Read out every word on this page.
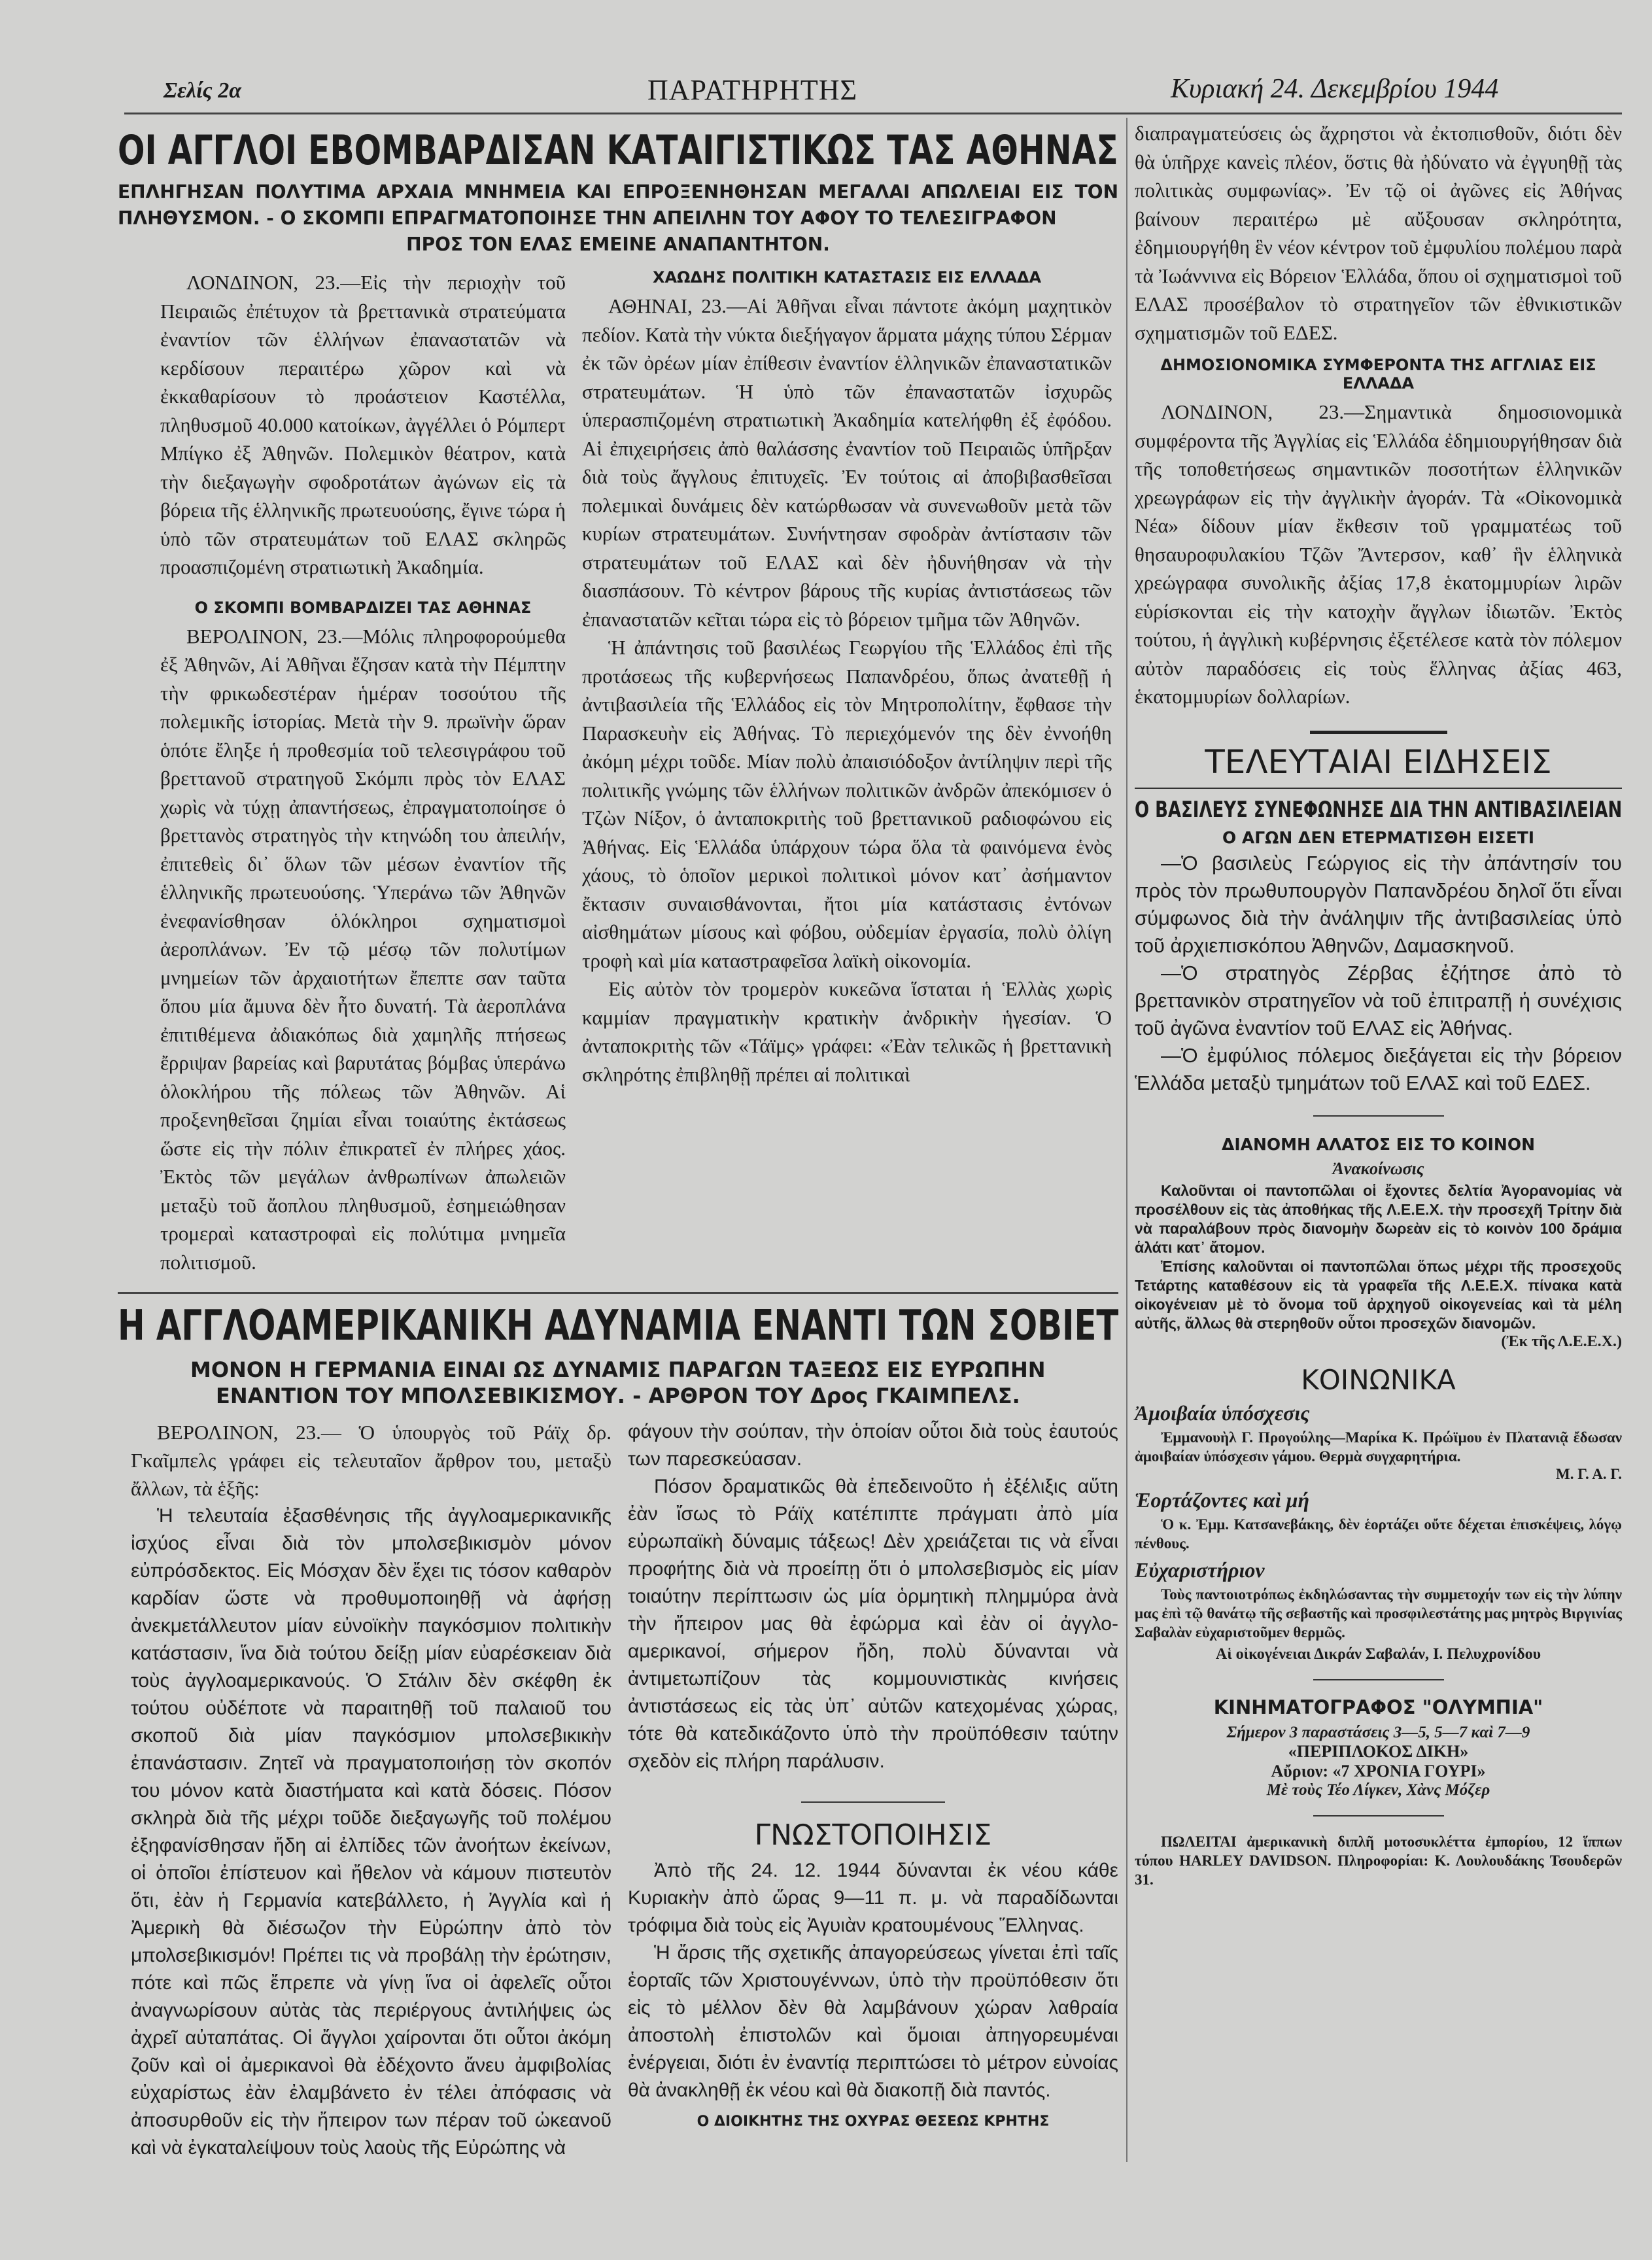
Σελίς 2α	ΠΑΡΑΤΗΡΗΤΗΣ	Κυριακή 24. Δεκεμβρίου 1944
ΟΙ ΑΓΓΛΟΙ ΕΒΟΜΒΑΡΔΙΣΑΝ ΚΑΤΑΙΓΙΣΤΙΚΩΣ ΤΑΣ ΑΘΗΝΑΣ
ΕΠΛΗΓΗΣΑΝ ΠΟΛΥΤΙΜΑ ΑΡΧΑΙΑ ΜΝΗΜΕΙΑ ΚΑΙ ΕΠΡΟΞΕΝΗΘΗΣΑΝ ΜΕΓΑΛΑΙ ΑΠΩΛΕΙΑΙ ΕΙΣ ΤΟΝ ΠΛΗΘΥΣΜΟΝ. - Ο ΣΚΟΜΠΙ ΕΠΡΑΓΜΑΤΟΠΟΙΗΣΕ ΤΗΝ ΑΠΕΙΛΗΝ ΤΟΥ ΑΦΟΥ ΤΟ ΤΕΛΕΣΙΓΡΑΦΟΝ
ΠΡΟΣ ΤΟΝ ΕΛΑΣ ΕΜΕΙΝΕ ΑΝΑΠΑΝΤΗΤΟΝ.

ΛΟΝΔΙΝΟΝ, 23.—Εἰς τὴν περιοχὴν τοῦ Πειραιῶς ἐπέτυχον τὰ βρεττανικὰ στρατεύματα ἐναντίον τῶν ἑλλήνων ἐπαναστατῶν νὰ κερδίσουν περαιτέρω χῶρον καὶ νὰ ἐκκαθαρίσουν τὸ προάστειον Καστέλλα, πληθυσμοῦ 40.000 κατοίκων, ἀγγέλλει ὁ Ρόμπερτ Μπίγκο ἐξ Ἀθηνῶν. Πολεμικὸν θέατρον, κατὰ τὴν διεξαγωγὴν σφοδροτάτων ἀγώνων εἰς τὰ βόρεια τῆς ἑλληνικῆς πρωτευούσης, ἔγινε τώρα ἡ ὑπὸ τῶν στρατευμάτων τοῦ ΕΛΑΣ σκληρῶς προασπιζομένη στρατιωτικὴ Ἀκαδημία.

Ο ΣΚΟΜΠΙ ΒΟΜΒΑΡΔΙΖΕΙ ΤΑΣ ΑΘΗΝΑΣ

ΒΕΡΟΛΙΝΟΝ, 23.—Μόλις πληροφορούμεθα ἐξ Ἀθηνῶν, Αἱ Ἀθῆναι ἔζησαν κατὰ τὴν Πέμπτην τὴν φρικωδεστέραν ἡμέραν τοσούτου τῆς πολεμικῆς ἱστορίας. Μετὰ τὴν 9. πρωϊνὴν ὥραν ὁπότε ἔληξε ἡ προθεσμία τοῦ τελεσιγράφου τοῦ βρεττανοῦ στρατηγοῦ Σκόμπι πρὸς τὸν ΕΛΑΣ χωρὶς νὰ τύχῃ ἀπαντήσεως, ἐπραγματοποίησε ὁ βρεττανὸς στρατηγὸς τὴν κτηνώδη του ἀπειλήν, ἐπιτεθεὶς δι᾽ ὅλων τῶν μέσων ἐναντίον τῆς ἑλληνικῆς πρωτευούσης. Ὑπεράνω τῶν Ἀθηνῶν ἐνεφανίσθησαν ὁλόκληροι σχηματισμοὶ ἀεροπλάνων. Ἐν τῷ μέσῳ τῶν πολυτίμων μνημείων τῶν ἀρχαιοτήτων ἔπεπτε σαν ταῦτα ὅπου μία ἄμυνα δὲν ἦτο δυνατή. Τὰ ἀεροπλάνα ἐπιτιθέμενα ἀδιακόπως διὰ χαμηλῆς πτήσεως ἔρριψαν βαρείας καὶ βαρυτάτας βόμβας ὑπεράνω ὁλοκλήρου τῆς πόλεως τῶν Ἀθηνῶν. Αἱ προξενηθεῖσαι ζημίαι εἶναι τοιαύτης ἐκτάσεως ὥστε εἰς τὴν πόλιν ἐπικρατεῖ ἐν πλήρες χάος. Ἐκτὸς τῶν μεγάλων ἀνθρωπίνων ἀπωλειῶν μεταξὺ τοῦ ἄοπλου πληθυσμοῦ, ἐσημειώθησαν τρομεραὶ καταστροφαὶ εἰς πολύτιμα μνημεῖα πολιτισμοῦ.

ΧΑΩΔΗΣ ΠΟΛΙΤΙΚΗ ΚΑΤΑΣΤΑΣΙΣ ΕΙΣ ΕΛΛΑΔΑ

ΑΘΗΝΑΙ, 23.—Αἱ Ἀθῆναι εἶναι πάντοτε ἀκόμη μαχητικὸν πεδίον. Κατὰ τὴν νύκτα διεξήγαγον ἅρματα μάχης τύπου Σέρμαν ἐκ τῶν ὀρέων μίαν ἐπίθεσιν ἐναντίον ἑλληνικῶν ἐπαναστατικῶν στρατευμάτων. Ἡ ὑπὸ τῶν ἐπαναστατῶν ἰσχυρῶς ὑπερασπιζομένη στρατιωτικὴ Ἀκαδημία κατελήφθη ἐξ ἐφόδου. Αἱ ἐπιχειρήσεις ἀπὸ θαλάσσης ἐναντίον τοῦ Πειραιῶς ὑπῆρξαν διὰ τοὺς ἄγγλους ἐπιτυχεῖς. Ἐν τούτοις αἱ ἀποβιβασθεῖσαι πολεμικαὶ δυνάμεις δὲν κατώρθωσαν νὰ συνενωθοῦν μετὰ τῶν κυρίων στρατευμάτων. Συνήντησαν σφοδρὰν ἀντίστασιν τῶν στρατευμάτων τοῦ ΕΛΑΣ καὶ δὲν ἠδυνήθησαν νὰ τὴν διασπάσουν. Τὸ κέντρον βάρους τῆς κυρίας ἀντιστάσεως τῶν ἐπαναστατῶν κεῖται τώρα εἰς τὸ βόρειον τμῆμα τῶν Ἀθηνῶν.

Ἡ ἀπάντησις τοῦ βασιλέως Γεωργίου τῆς Ἑλλάδος ἐπὶ τῆς προτάσεως τῆς κυβερνήσεως Παπανδρέου, ὅπως ἀνατεθῇ ἡ ἀντιβασιλεία τῆς Ἑλλάδος εἰς τὸν Μητροπολίτην, ἔφθασε τὴν Παρασκευὴν εἰς Ἀθήνας. Τὸ περιεχόμενόν της δὲν ἐννοήθη ἀκόμη μέχρι τοῦδε. Μίαν πολὺ ἀπαισιόδοξον ἀντίληψιν περὶ τῆς πολιτικῆς γνώμης τῶν ἑλλήνων πολιτικῶν ἀνδρῶν ἀπεκόμισεν ὁ Τζὼν Νίξον, ὁ ἀνταποκριτὴς τοῦ βρεττανικοῦ ραδιοφώνου εἰς Ἀθήνας. Εἰς Ἑλλάδα ὑπάρχουν τώρα ὅλα τὰ φαινόμενα ἑνὸς χάους, τὸ ὁποῖον μερικοὶ πολιτικοὶ μόνον κατ᾽ ἀσήμαντον ἔκτασιν συναισθάνονται, ἤτοι μία κατάστασις ἐντόνων αἰσθημάτων μίσους καὶ φόβου, οὐδεμίαν ἐργασία, πολὺ ὀλίγη τροφὴ καὶ μία καταστραφεῖσα λαϊκὴ οἰκονομία.

Εἰς αὐτὸν τὸν τρομερὸν κυκεῶνα ἵσταται ἡ Ἑλλὰς χωρὶς καμμίαν πραγματικὴν κρατικὴν ἀνδρικὴν ἡγεσίαν. Ὁ ἀνταποκριτὴς τῶν «Τάϊμς» γράφει: «Ἐὰν τελικῶς ἡ βρεττανικὴ σκληρότης ἐπιβληθῇ πρέπει αἱ πολιτικαὶ

Η ΑΓΓΛΟΑΜΕΡΙΚΑΝΙΚΗ ΑΔΥΝΑΜΙΑ ΕΝΑΝΤΙ ΤΩΝ ΣΟΒΙΕΤ
ΜΟΝΟΝ Η ΓΕΡΜΑΝΙΑ ΕΙΝΑΙ ΩΣ ΔΥΝΑΜΙΣ ΠΑΡΑΓΩΝ ΤΑΞΕΩΣ ΕΙΣ ΕΥΡΩΠΗΝ
ΕΝΑΝΤΙΟΝ ΤΟΥ ΜΠΟΛΣΕΒΙΚΙΣΜΟΥ. - ΑΡΘΡΟΝ ΤΟΥ Δρος ΓΚΑΙΜΠΕΛΣ.

ΒΕΡΟΛΙΝΟΝ, 23.— Ὁ ὑπουργὸς τοῦ Ράϊχ δρ. Γκαῖμπελς γράφει εἰς τελευταῖον ἄρθρον του, μεταξὺ ἄλλων, τὰ ἑξῆς:

Ἡ τελευταία ἐξασθένησις τῆς ἀγγλοαμερικανικῆς ἰσχύος εἶναι διὰ τὸν μπολσεβικισμὸν μόνον εὐπρόσδεκτος. Εἰς Μόσχαν δὲν ἔχει τις τόσον καθαρὸν καρδίαν ὥστε νὰ προθυμοποιηθῇ νὰ ἀφήσῃ ἀνεκμετάλλευτον μίαν εὐνοϊκὴν παγκόσμιον πολιτικὴν κατάστασιν, ἵνα διὰ τούτου δείξῃ μίαν εὐαρέσκειαν διὰ τοὺς ἀγγλοαμερικανούς. Ὁ Στάλιν δὲν σκέφθη ἐκ τούτου οὐδέποτε νὰ παραιτηθῇ τοῦ παλαιοῦ του σκοποῦ διὰ μίαν παγκόσμιον μπολσεβικικὴν ἐπανάστασιν. Ζητεῖ νὰ πραγματοποιήσῃ τὸν σκοπόν του μόνον κατὰ διαστήματα καὶ κατὰ δόσεις. Πόσον σκληρὰ διὰ τῆς μέχρι τοῦδε διεξαγωγῆς τοῦ πολέμου ἐξηφανίσθησαν ἤδη αἱ ἐλπίδες τῶν ἀνοήτων ἐκείνων, οἱ ὁποῖοι ἐπίστευον καὶ ἤθελον νὰ κάμουν πιστευτὸν ὅτι, ἐὰν ἡ Γερμανία κατεβάλλετο, ἡ Ἀγγλία καὶ ἡ Ἀμερικὴ θὰ διέσωζον τὴν Εὐρώπην ἀπὸ τὸν μπολσεβικισμόν! Πρέπει τις νὰ προβάλῃ τὴν ἐρώτησιν, πότε καὶ πῶς ἔπρεπε νὰ γίνῃ ἵνα οἱ ἀφελεῖς οὗτοι ἀναγνωρίσουν αὐτὰς τὰς περιέργους ἀντιλήψεις ὡς ἀχρεῖ αὐταπάτας. Οἱ ἄγγλοι χαίρονται ὅτι οὗτοι ἀκόμη ζοῦν καὶ οἱ ἀμερικανοὶ θὰ ἐδέχοντο ἄνευ ἀμφιβολίας εὐχαρίστως ἐὰν ἐλαμβάνετο ἐν τέλει ἀπόφασις νὰ ἀποσυρθοῦν εἰς τὴν ἤπειρον των πέραν τοῦ ὠκεανοῦ καὶ νὰ ἐγκαταλείψουν τοὺς λαοὺς τῆς Εὐρώπης νὰ

φάγουν τὴν σούπαν, τὴν ὁποίαν οὗτοι διὰ τοὺς ἑαυτούς των παρεσκεύασαν.

Πόσον δραματικῶς θὰ ἐπεδεινοῦτο ἡ ἐξέλιξις αὕτη ἐὰν ἴσως τὸ Ράϊχ κατέπιπτε πράγματι ἀπὸ μία εὐρωπαϊκὴ δύναμις τάξεως! Δὲν χρειάζεται τις νὰ εἶναι προφήτης διὰ νὰ προείπῃ ὅτι ὁ μπολσεβισμὸς εἰς μίαν τοιαύτην περίπτωσιν ὡς μία ὁρμητικὴ πλημμύρα ἀνὰ τὴν ἤπειρον μας θὰ ἐφώρμα καὶ ἐὰν οἱ ἀγγλο-αμερικανοί, σήμερον ἤδη, πολὺ δύνανται νὰ ἀντιμετωπίζουν τὰς κομμουνιστικὰς κινήσεις ἀντιστάσεως εἰς τὰς ὑπ᾽ αὐτῶν κατεχομένας χώρας, τότε θὰ κατεδικάζοντο ὑπὸ τὴν προϋπόθεσιν ταύτην σχεδὸν εἰς πλήρη παράλυσιν.

ΓΝΩΣΤΟΠΟΙΗΣΙΣ

Ἀπὸ τῆς 24. 12. 1944 δύνανται ἐκ νέου κάθε Κυριακὴν ἀπὸ ὥρας 9—11 π. μ. νὰ παραδίδωνται τρόφιμα διὰ τοὺς εἰς Ἀγυιὰν κρατουμένους Ἕλληνας.

Ἡ ἄρσις τῆς σχετικῆς ἀπαγορεύσεως γίνεται ἐπὶ ταῖς ἑορταῖς τῶν Χριστουγέννων, ὑπὸ τὴν προϋπόθεσιν ὅτι εἰς τὸ μέλλον δὲν θὰ λαμβάνουν χώραν λαθραία ἀποστολὴ ἐπιστολῶν καὶ ὅμοιαι ἀπηγορευμέναι ἐνέργειαι, διότι ἐν ἐναντίᾳ περιπτώσει τὸ μέτρον εὐνοίας θὰ ἀνακληθῇ ἐκ νέου καὶ θὰ διακοπῇ διὰ παντός.

Ο ΔΙΟΙΚΗΤΗΣ ΤΗΣ ΟΧΥΡΑΣ ΘΕΣΕΩΣ ΚΡΗΤΗΣ

διαπραγματεύσεις ὡς ἄχρηστοι νὰ ἐκτοπισθοῦν, διότι δὲν θὰ ὑπῆρχε κανεὶς πλέον, ὅστις θὰ ἠδύνατο νὰ ἐγγυηθῇ τὰς πολιτικὰς συμφωνίας». Ἐν τῷ οἱ ἀγῶνες εἰς Ἀθήνας βαίνουν περαιτέρω μὲ αὔξουσαν σκληρότητα, ἐδημιουργήθη ἓν νέον κέντρον τοῦ ἐμφυλίου πολέμου παρὰ τὰ Ἰωάννινα εἰς Βόρειον Ἑλλάδα, ὅπου οἱ σχηματισμοὶ τοῦ ΕΛΑΣ προσέβαλον τὸ στρατηγεῖον τῶν ἐθνικιστικῶν σχηματισμῶν τοῦ ΕΔΕΣ.

ΔΗΜΟΣΙΟΝΟΜΙΚΑ ΣΥΜΦΕΡΟΝΤΑ ΤΗΣ ΑΓΓΛΙΑΣ ΕΙΣ ΕΛΛΑΔΑ

ΛΟΝΔΙΝΟΝ, 23.—Σημαντικὰ δημοσιονομικὰ συμφέροντα τῆς Ἀγγλίας εἰς Ἑλλάδα ἐδημιουργήθησαν διὰ τῆς τοποθετήσεως σημαντικῶν ποσοτήτων ἑλληνικῶν χρεωγράφων εἰς τὴν ἀγγλικὴν ἀγοράν. Τὰ «Οἰκονομικὰ Νέα» δίδουν μίαν ἔκθεσιν τοῦ γραμματέως τοῦ θησαυροφυλακίου Τζῶν Ἄντερσον, καθ᾽ ἣν ἑλληνικὰ χρεώγραφα συνολικῆς ἀξίας 17,8 ἑκατομμυρίων λιρῶν εὑρίσκονται εἰς τὴν κατοχὴν ἄγγλων ἰδιωτῶν. Ἐκτὸς τούτου, ἡ ἀγγλικὴ κυβέρνησις ἐξετέλεσε κατὰ τὸν πόλεμον αὐτὸν παραδόσεις εἰς τοὺς ἕλληνας ἀξίας 463, ἑκατομμυρίων δολλαρίων.

ΤΕΛΕΥΤΑΙΑΙ ΕΙΔΗΣΕΙΣ
Ο ΒΑΣΙΛΕΥΣ ΣΥΝΕΦΩΝΗΣΕ ΔΙΑ ΤΗΝ ΑΝΤΙΒΑΣΙΛΕΙΑΝ
Ο ΑΓΩΝ ΔΕΝ ΕΤΕΡΜΑΤΙΣΘΗ ΕΙΣΕΤΙ

—Ὁ βασιλεὺς Γεώργιος εἰς τὴν ἀπάντησίν του πρὸς τὸν πρωθυπουργὸν Παπανδρέου δηλοῖ ὅτι εἶναι σύμφωνος διὰ τὴν ἀνάληψιν τῆς ἀντιβασιλείας ὑπὸ τοῦ ἀρχιεπισκόπου Ἀθηνῶν, Δαμασκηνοῦ.

—Ὁ στρατηγὸς Ζέρβας ἐζήτησε ἀπὸ τὸ βρεττανικὸν στρατηγεῖον νὰ τοῦ ἐπιτραπῇ ἡ συνέχισις τοῦ ἀγῶνα ἐναντίον τοῦ ΕΛΑΣ εἰς Ἀθήνας.

—Ὁ ἐμφύλιος πόλεμος διεξάγεται εἰς τὴν βόρειον Ἑλλάδα μεταξὺ τμημάτων τοῦ ΕΛΑΣ καὶ τοῦ ΕΔΕΣ.

ΔΙΑΝΟΜΗ ΑΛΑΤΟΣ ΕΙΣ ΤΟ ΚΟΙΝΟΝ
Ἀνακοίνωσις

Καλοῦνται οἱ παντοπῶλαι οἱ ἔχοντες δελτία Ἀγορανομίας νὰ προσέλθουν εἰς τὰς ἀποθήκας τῆς Λ.Ε.Ε.Χ. τὴν προσεχῆ Τρίτην διὰ νὰ παραλάβουν πρὸς διανομὴν δωρεὰν εἰς τὸ κοινὸν 100 δράμια ἁλάτι κατ᾽ ἄτομον.

Ἐπίσης καλοῦνται οἱ παντοπῶλαι ὅπως μέχρι τῆς προσεχοῦς Τετάρτης καταθέσουν εἰς τὰ γραφεῖα τῆς Λ.Ε.Ε.Χ. πίνακα κατὰ οἰκογένειαν μὲ τὸ ὄνομα τοῦ ἀρχηγοῦ οἰκογενείας καὶ τὰ μέλη αὐτῆς, ἄλλως θὰ στερηθοῦν οὗτοι προσεχῶν διανομῶν.

(Ἐκ τῆς Λ.Ε.Ε.Χ.)
ΚΟΙΝΩΝΙΚΑ
Ἀμοιβαία ὑπόσχεσις

Ἐμμανουὴλ Γ. Προγούλης—Μαρίκα Κ. Πρώϊμου ἐν Πλατανιᾷ ἔδωσαν ἀμοιβαίαν ὑπόσχεσιν γάμου. Θερμὰ συγχαρητήρια.

Μ. Γ. Α. Γ.
Ἑορτάζοντες καὶ μή

Ὁ κ. Ἐμμ. Κατσανεβάκης, δὲν ἑορτάζει οὔτε δέχεται ἐπισκέψεις, λόγῳ πένθους.

Εὐχαριστήριον

Τοὺς παντοιοτρόπως ἐκδηλώσαντας τὴν συμμετοχήν των εἰς τὴν λύπην μας ἐπὶ τῷ θανάτῳ τῆς σεβαστῆς καὶ προσφιλεστάτης μας μητρὸς Βιργινίας Σαβαλὰν εὐχαριστοῦμεν θερμῶς.

Αἱ οἰκογένειαι Δικράν Σαβαλάν, Ι. Πελυχρονίδου
ΚΙΝΗΜΑΤΟΓΡΑΦΟΣ "ΟΛΥΜΠΙΑ"
Σήμερον 3 παραστάσεις 3—5, 5—7 καὶ 7—9
«ΠΕΡΙΠΛΟΚΟΣ ΔΙΚΗ»
Αὔριον: «7 ΧΡΟΝΙΑ ΓΟΥΡΙ»
Μὲ τοὺς Τέο Λίγκεν, Χὰνς Μόζερ

ΠΩΛΕΙΤΑΙ ἀμερικανικὴ διπλῆ μοτοσυκλέττα ἐμπορίου, 12 ἵππων τύπου HARLEY DAVIDSON. Πληροφορίαι: Κ. Λουλουδάκης Τσουδερῶν 31.
